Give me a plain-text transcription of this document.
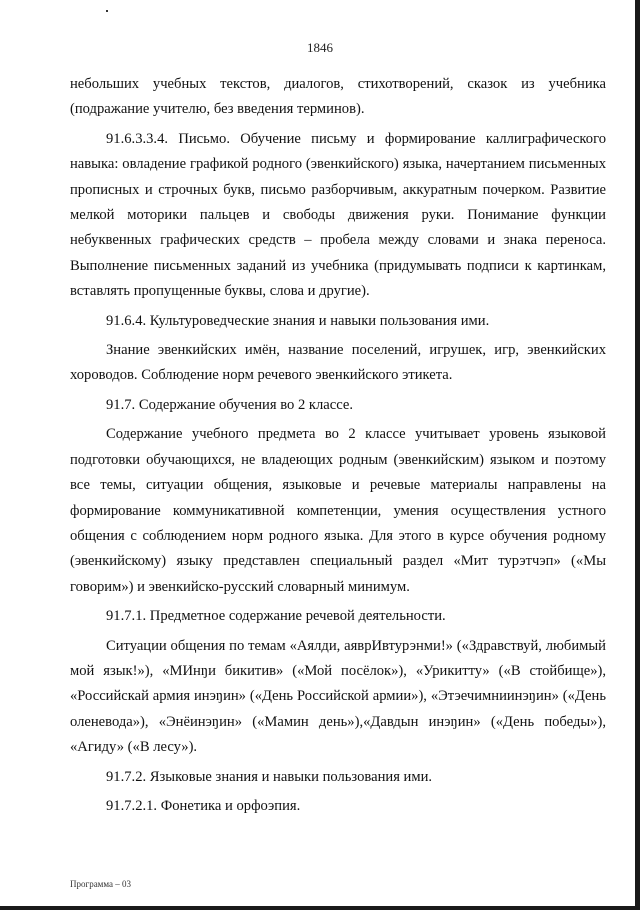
1846

небольших учебных текстов, диалогов, стихотворений, сказок из учебника (подражание учителю, без введения терминов).

91.6.3.3.4. Письмо. Обучение письму и формирование каллиграфического навыка: овладение графикой родного (эвенкийского) языка, начертанием письменных прописных и строчных букв, письмо разборчивым, аккуратным почерком. Развитие мелкой моторики пальцев и свободы движения руки. Понимание функции небуквенных графических средств – пробела между словами и знака переноса. Выполнение письменных заданий из учебника (придумывать подписи к картинкам, вставлять пропущенные буквы, слова и другие).

91.6.4. Культуроведческие знания и навыки пользования ими.

Знание эвенкийских имён, название поселений, игрушек, игр, эвенкийских хороводов. Соблюдение норм речевого эвенкийского этикета.

91.7. Содержание обучения во 2 классе.

Содержание учебного предмета во 2 классе учитывает уровень языковой подготовки обучающихся, не владеющих родным (эвенкийским) языком и поэтому все темы, ситуации общения, языковые и речевые материалы направлены на формирование коммуникативной компетенции, умения осуществления устного общения с соблюдением норм родного языка. Для этого в курсе обучения родному (эвенкийскому) языку представлен специальный раздел «Мит турэтчэп» («Мы говорим») и эвенкийско-русский словарный минимум.

91.7.1. Предметное содержание речевой деятельности.

Ситуации общения по темам «Аялди, аяврИвтурэнми!» («Здравствуй, любимый мой язык!»), «МИнŋи бикитив» («Мой посёлок»), «Урикитту» («В стойбище»), «Российскай армия инэŋин» («День Российской армии»), «Этэечимниинэŋин» («День оленевода»), «Энёинэŋин» («Мамин день»),«Давдын инэŋин» («День победы»), «Агиду» («В лесу»).

91.7.2. Языковые знания и навыки пользования ими.

91.7.2.1. Фонетика и орфоэпия.

Программа – 03
